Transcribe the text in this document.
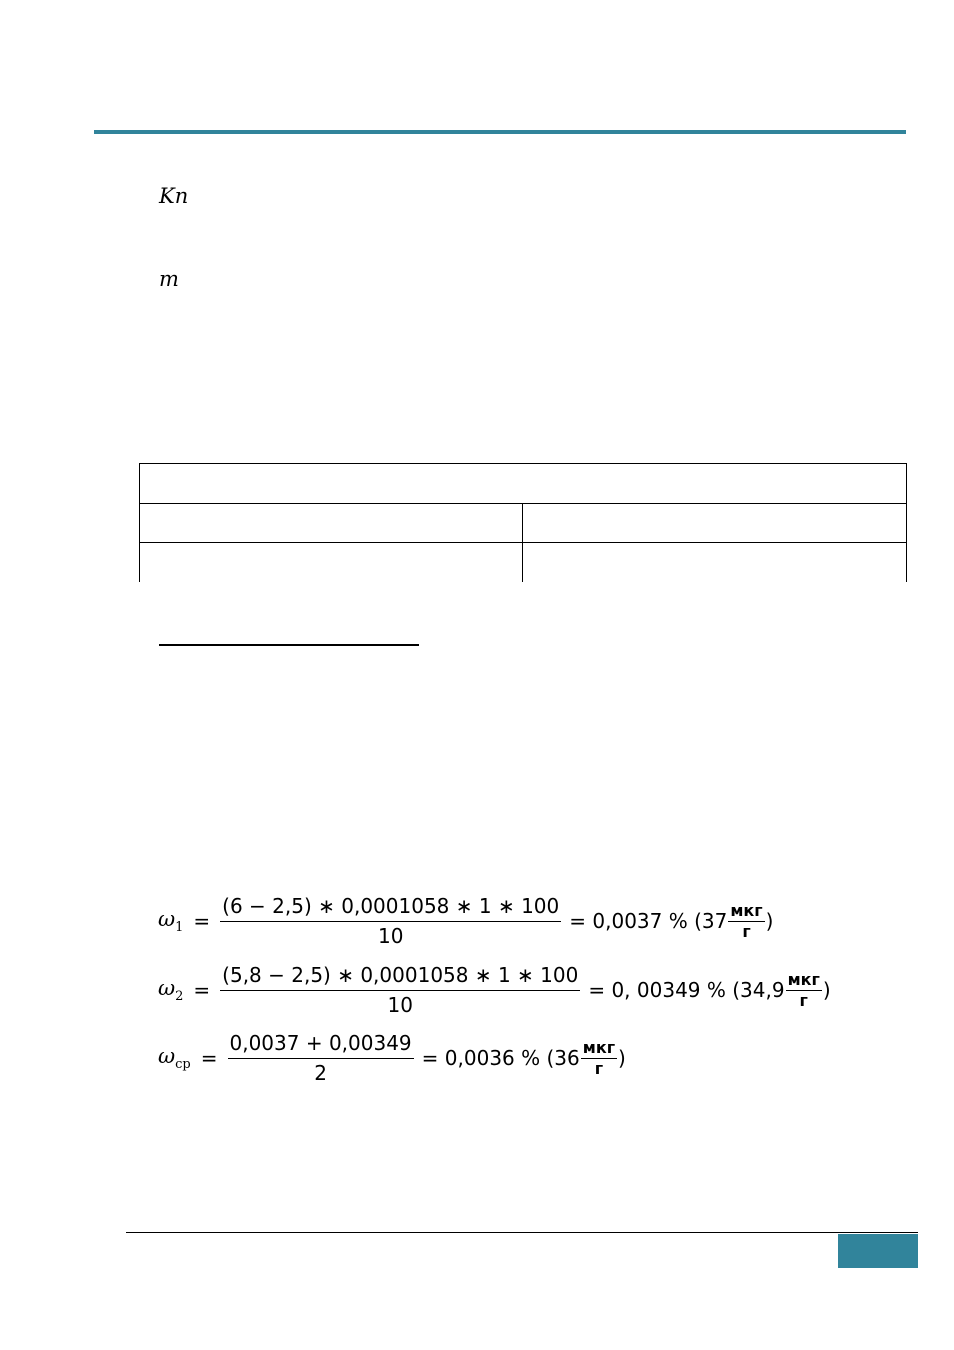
Kn
m
$\omega_1 = \frac{(6 - 2,5) ∗ 0,0001058 ∗ 1 ∗ 100}{10} = 0,0037$ % (37 мкг
г )
$\omega_2 = \frac{(5,8 - 2,5) ∗ 0,0001058 ∗ 1 ∗ 100}{10} = 0$, 00349 % (34,9 мкг
г )
$\omega_{ср} = \frac{0,0037 + 0,00349}{2} = 0,0036$ % (36 мкг
г )
